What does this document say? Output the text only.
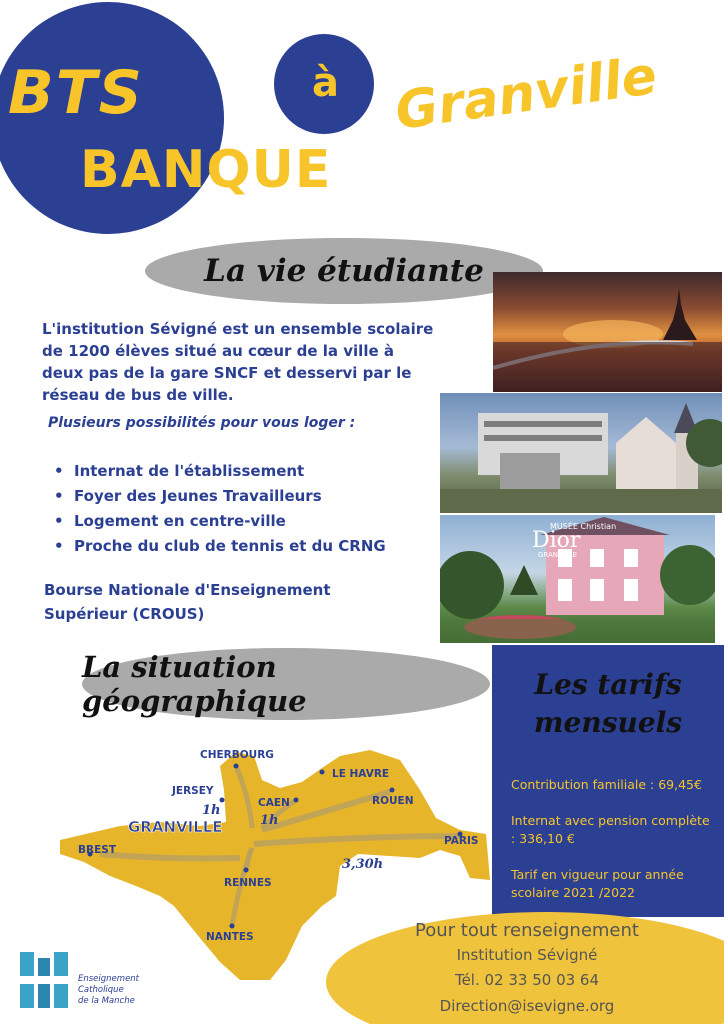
BTS
BANQUE
à Granville
La vie étudiante
L'institution Sévigné est un ensemble scolaire de 1200 élèves situé au cœur de la ville à deux pas de la gare SNCF et desservi par le réseau de bus de ville.
Plusieurs possibilités pour vous loger :
• Internat de l'établissement
• Foyer des Jeunes Travailleurs
• Logement en centre-ville
• Proche du club de tennis et du CRNG
Bourse Nationale d'Enseignement Supérieur (CROUS)
MUSÉE Christian
Dior
GRANVILLE
Les tarifs mensuels
Contribution familiale : 69,45€
Internat avec pension complète : 336,10 €
Tarif en vigueur pour année scolaire 2021 /2022
La situation géographique
CHERBOURG
JERSEY
LE HAVRE
CAEN	ROUEN
GRANVILLE
BREST
PARIS
RENNES
NANTES
1h
1h
3,30h
Pour tout renseignement
Institution Sévigné
Tél. 02 33 50 03 64
Direction@isevigne.org
Enseignement
Catholique
de la Manche
